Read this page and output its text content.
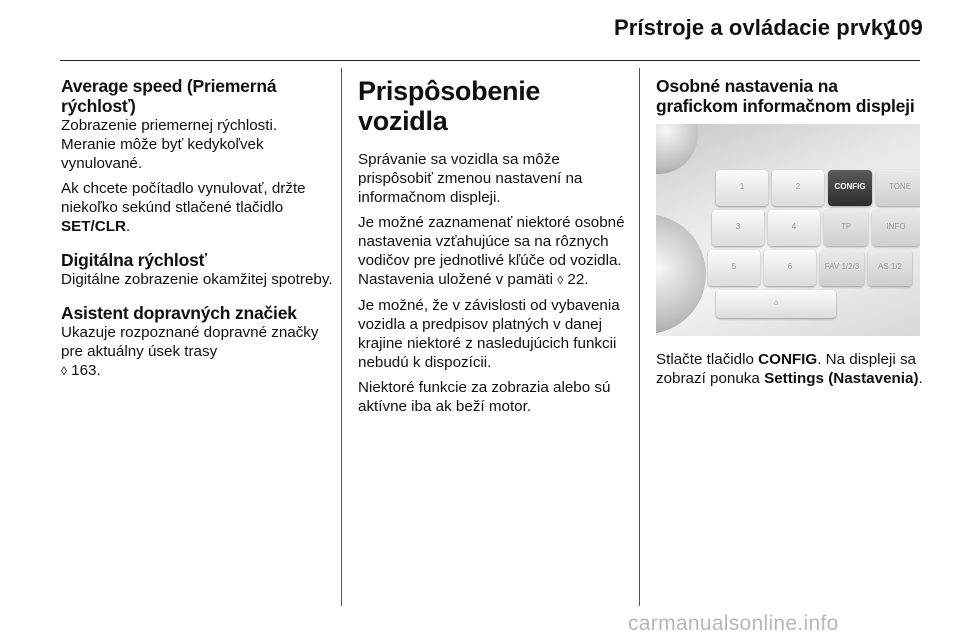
Prístroje a ovládacie prvky
109
Average speed (Priemerná rýchlosť)

Zobrazenie priemernej rýchlosti. Meranie môže byť kedykoľvek vynulované.

Ak chcete počítadlo vynulovať, držte niekoľko sekúnd stlačené tlačidlo SET/CLR.

Digitálna rýchlosť

Digitálne zobrazenie okamžitej spotreby.

Asistent dopravných značiek

Ukazuje rozpoznané dopravné značky pre aktuálny úsek trasy
◊ 163.

Prispôsobenie vozidla

Správanie sa vozidla sa môže prispôsobiť zmenou nastavení na informačnom displeji.

Je možné zaznamenať niektoré osobné nastavenia vzťahujúce sa na rôznych vodičov pre jednotlivé kľúče od vozidla. Nastavenia uložené v pamäti ◊ 22.

Je možné, že v závislosti od vybavenia vozidla a predpisov platných v danej krajine niektoré z nasledujúcich funkcii nebudú k dispozícii.

Niektoré funkcie za zobrazia alebo sú aktívne iba ak beží motor.

Osobné nastavenia na grafickom informačnom displeji
1	2
3	4
5	6
⌂
CONFIG	TONE
TP	INFO
FAV 1/2/3	AS 1/2

Stlačte tlačidlo CONFIG. Na displeji sa zobrazí ponuka Settings (Nastavenia).

carmanualsonline.info
